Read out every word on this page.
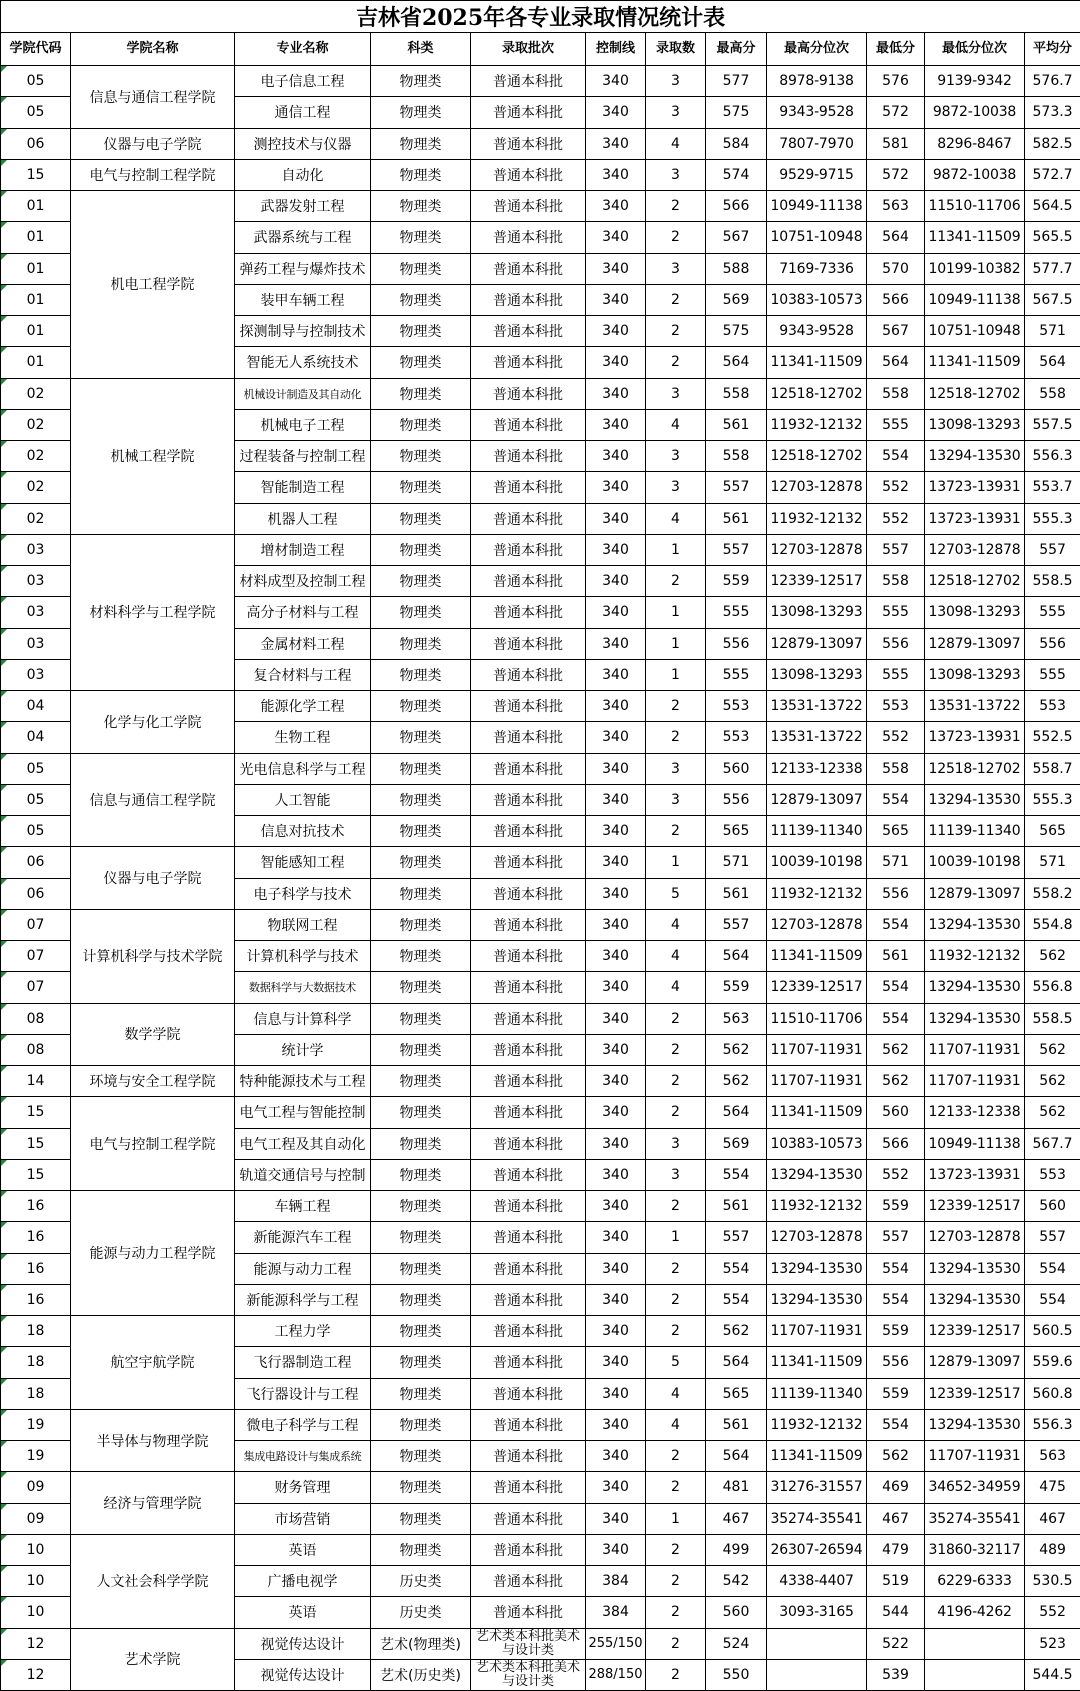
吉林省2025年各专业录取情况统计表											
学院代码	学院名称	专业名称	科类	录取批次	控制线	录取数	最高分	最高分位次	最低分	最低分位次	平均分
05	信息与通信工程学院	电子信息工程	物理类	普通本科批	340	3	577	8978-9138	576	9139-9342	576.7
05		通信工程	物理类	普通本科批	340	3	575	9343-9528	572	9872-10038	573.3
06	仪器与电子学院	测控技术与仪器	物理类	普通本科批	340	4	584	7807-7970	581	8296-8467	582.5
15	电气与控制工程学院	自动化	物理类	普通本科批	340	3	574	9529-9715	572	9872-10038	572.7
01	机电工程学院	武器发射工程	物理类	普通本科批	340	2	566	10949-11138	563	11510-11706	564.5
01		武器系统与工程	物理类	普通本科批	340	2	567	10751-10948	564	11341-11509	565.5
01		弹药工程与爆炸技术	物理类	普通本科批	340	3	588	7169-7336	570	10199-10382	577.7
01		装甲车辆工程	物理类	普通本科批	340	2	569	10383-10573	566	10949-11138	567.5
01		探测制导与控制技术	物理类	普通本科批	340	2	575	9343-9528	567	10751-10948	571
01		智能无人系统技术	物理类	普通本科批	340	2	564	11341-11509	564	11341-11509	564
02	机械工程学院	机械设计制造及其自动化	物理类	普通本科批	340	3	558	12518-12702	558	12518-12702	558
02		机械电子工程	物理类	普通本科批	340	4	561	11932-12132	555	13098-13293	557.5
02		过程装备与控制工程	物理类	普通本科批	340	3	558	12518-12702	554	13294-13530	556.3
02		智能制造工程	物理类	普通本科批	340	3	557	12703-12878	552	13723-13931	553.7
02		机器人工程	物理类	普通本科批	340	4	561	11932-12132	552	13723-13931	555.3
03	材料科学与工程学院	增材制造工程	物理类	普通本科批	340	1	557	12703-12878	557	12703-12878	557
03		材料成型及控制工程	物理类	普通本科批	340	2	559	12339-12517	558	12518-12702	558.5
03		高分子材料与工程	物理类	普通本科批	340	1	555	13098-13293	555	13098-13293	555
03		金属材料工程	物理类	普通本科批	340	1	556	12879-13097	556	12879-13097	556
03		复合材料与工程	物理类	普通本科批	340	1	555	13098-13293	555	13098-13293	555
04	化学与化工学院	能源化学工程	物理类	普通本科批	340	2	553	13531-13722	553	13531-13722	553
04		生物工程	物理类	普通本科批	340	2	553	13531-13722	552	13723-13931	552.5
05	信息与通信工程学院	光电信息科学与工程	物理类	普通本科批	340	3	560	12133-12338	558	12518-12702	558.7
05		人工智能	物理类	普通本科批	340	3	556	12879-13097	554	13294-13530	555.3
05		信息对抗技术	物理类	普通本科批	340	2	565	11139-11340	565	11139-11340	565
06	仪器与电子学院	智能感知工程	物理类	普通本科批	340	1	571	10039-10198	571	10039-10198	571
06		电子科学与技术	物理类	普通本科批	340	5	561	11932-12132	556	12879-13097	558.2
07	计算机科学与技术学院	物联网工程	物理类	普通本科批	340	4	557	12703-12878	554	13294-13530	554.8
07		计算机科学与技术	物理类	普通本科批	340	4	564	11341-11509	561	11932-12132	562
07		数据科学与大数据技术	物理类	普通本科批	340	4	559	12339-12517	554	13294-13530	556.8
08	数学学院	信息与计算科学	物理类	普通本科批	340	2	563	11510-11706	554	13294-13530	558.5
08		统计学	物理类	普通本科批	340	2	562	11707-11931	562	11707-11931	562
14	环境与安全工程学院	特种能源技术与工程	物理类	普通本科批	340	2	562	11707-11931	562	11707-11931	562
15	电气与控制工程学院	电气工程与智能控制	物理类	普通本科批	340	2	564	11341-11509	560	12133-12338	562
15		电气工程及其自动化	物理类	普通本科批	340	3	569	10383-10573	566	10949-11138	567.7
15		轨道交通信号与控制	物理类	普通本科批	340	3	554	13294-13530	552	13723-13931	553
16	能源与动力工程学院	车辆工程	物理类	普通本科批	340	2	561	11932-12132	559	12339-12517	560
16		新能源汽车工程	物理类	普通本科批	340	1	557	12703-12878	557	12703-12878	557
16		能源与动力工程	物理类	普通本科批	340	2	554	13294-13530	554	13294-13530	554
16		新能源科学与工程	物理类	普通本科批	340	2	554	13294-13530	554	13294-13530	554
18	航空宇航学院	工程力学	物理类	普通本科批	340	2	562	11707-11931	559	12339-12517	560.5
18		飞行器制造工程	物理类	普通本科批	340	5	564	11341-11509	556	12879-13097	559.6
18		飞行器设计与工程	物理类	普通本科批	340	4	565	11139-11340	559	12339-12517	560.8
19	半导体与物理学院	微电子科学与工程	物理类	普通本科批	340	4	561	11932-12132	554	13294-13530	556.3
19		集成电路设计与集成系统	物理类	普通本科批	340	2	564	11341-11509	562	11707-11931	563
09	经济与管理学院	财务管理	物理类	普通本科批	340	2	481	31276-31557	469	34652-34959	475
09		市场营销	物理类	普通本科批	340	1	467	35274-35541	467	35274-35541	467
10	人文社会科学学院	英语	物理类	普通本科批	340	2	499	26307-26594	479	31860-32117	489
10		广播电视学	历史类	普通本科批	384	2	542	4338-4407	519	6229-6333	530.5
10		英语	历史类	普通本科批	384	2	560	3093-3165	544	4196-4262	552
12	艺术学院	视觉传达设计	艺术(物理类)	艺术类本科批美术与设计类	255/150	2	524		522		523
12		视觉传达设计	艺术(历史类)	艺术类本科批美术与设计类	288/150	2	550		539		544.5
